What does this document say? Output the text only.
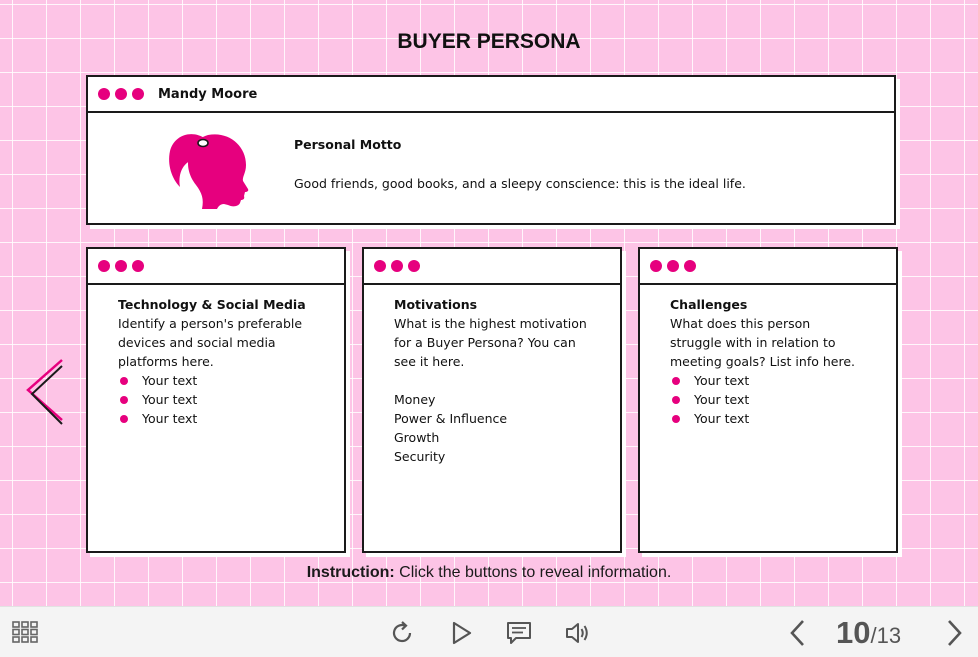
BUYER PERSONA
Mandy Moore
Personal Motto
Good friends, good books, and a sleepy conscience: this is the ideal life.
Technology & Social Media
Identify a person's preferable
devices and social media
platforms here.
Your text
Your text
Your text
Motivations
What is the highest motivation
for a Buyer Persona? You can
see it here.
Money
Power & Influence
Growth
Security
Challenges
What does this person
struggle with in relation to
meeting goals? List info here.
Your text
Your text
Your text
Instruction: Click the buttons to reveal information.
10/13
